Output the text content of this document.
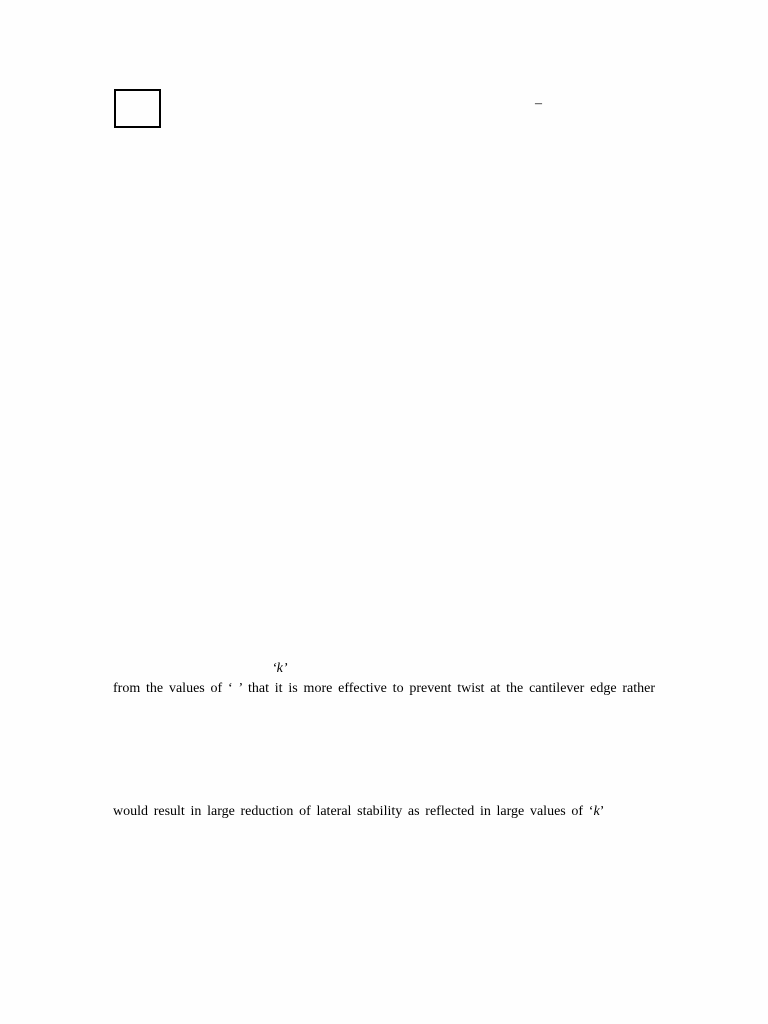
–
‘k’
from the values of ‘ ’ that it is more effective to prevent twist at the cantilever edge rather
would result in large reduction of lateral stability as reflected in large values of ‘k’
